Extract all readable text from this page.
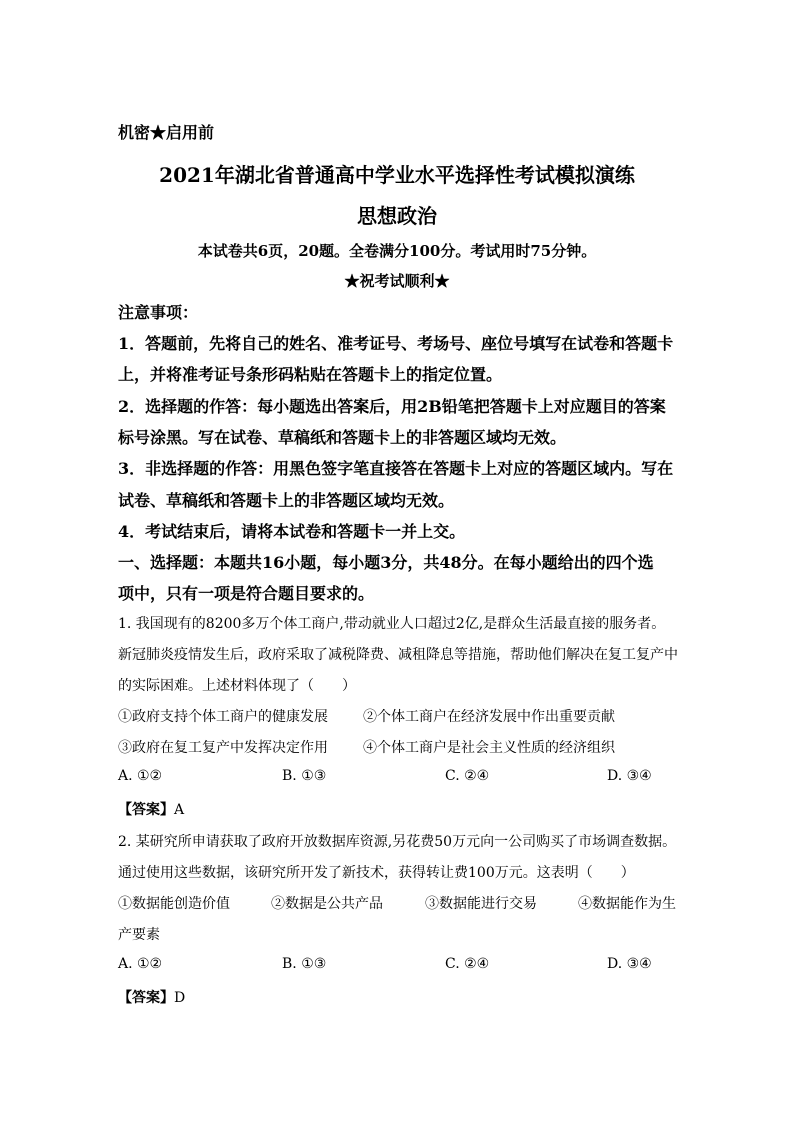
机密★启用前
2021年湖北省普通高中学业水平选择性考试模拟演练
思想政治
本试卷共6页，20题。全卷满分100分。考试用时75分钟。
★祝考试顺利★
注意事项：
1．答题前，先将自己的姓名、准考证号、考场号、座位号填写在试卷和答题卡
上，并将准考证号条形码粘贴在答题卡上的指定位置。
2．选择题的作答：每小题选出答案后，用2B铅笔把答题卡上对应题目的答案
标号涂黑。写在试卷、草稿纸和答题卡上的非答题区域均无效。
3．非选择题的作答：用黑色签字笔直接答在答题卡上对应的答题区域内。写在
试卷、草稿纸和答题卡上的非答题区域均无效。
4．考试结束后，请将本试卷和答题卡一并上交。
一、选择题：本题共16小题，每小题3分，共48分。在每小题给出的四个选
项中，只有一项是符合题目要求的。
1. 我国现有的8200多万个体工商户,带动就业人口超过2亿,是群众生活最直接的服务者。
新冠肺炎疫情发生后，政府采取了减税降费、减租降息等措施，帮助他们解决在复工复产中
的实际困难。上述材料体现了（　　）
①政府支持个体工商户的健康发展	②个体工商户在经济发展中作出重要贡献
③政府在复工复产中发挥决定作用	④个体工商户是社会主义性质的经济组织
A. ①②	B. ①③	C. ②④	D. ③④
【答案】A
2. 某研究所申请获取了政府开放数据库资源,另花费50万元向一公司购买了市场调查数据。
通过使用这些数据，该研究所开发了新技术，获得转让费100万元。这表明（　　）
①数据能创造价值	②数据是公共产品	③数据能进行交易	④数据能作为生
产要素
A. ①②	B. ①③	C. ②④	D. ③④
【答案】D
